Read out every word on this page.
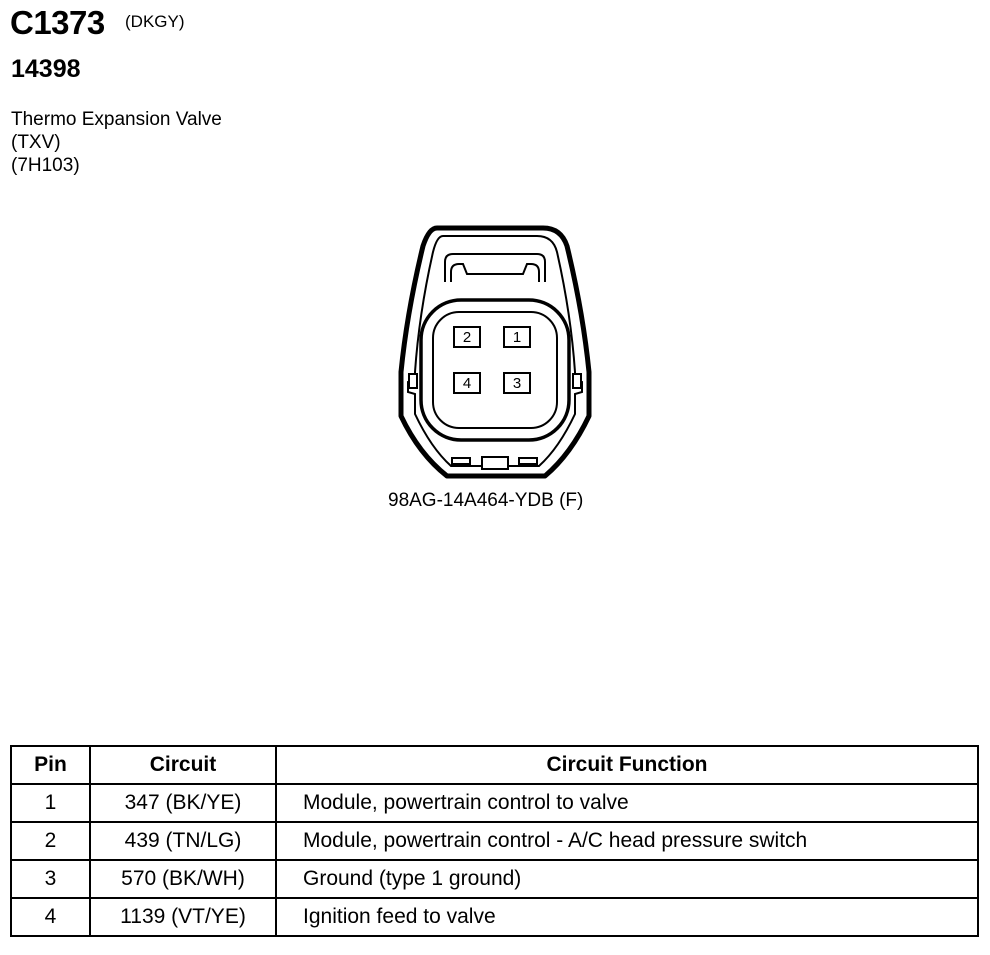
C1373 (DKGY)
14398
Thermo Expansion Valve
(TXV)
(7H103)
2	1
4	3
98AG-14A464-YDB (F)
Pin	Circuit	Circuit Function
1	347 (BK/YE)	Module, powertrain control to valve
2	439 (TN/LG)	Module, powertrain control - A/C head pressure switch
3	570 (BK/WH)	Ground (type 1 ground)
4	1139 (VT/YE)	Ignition feed to valve
